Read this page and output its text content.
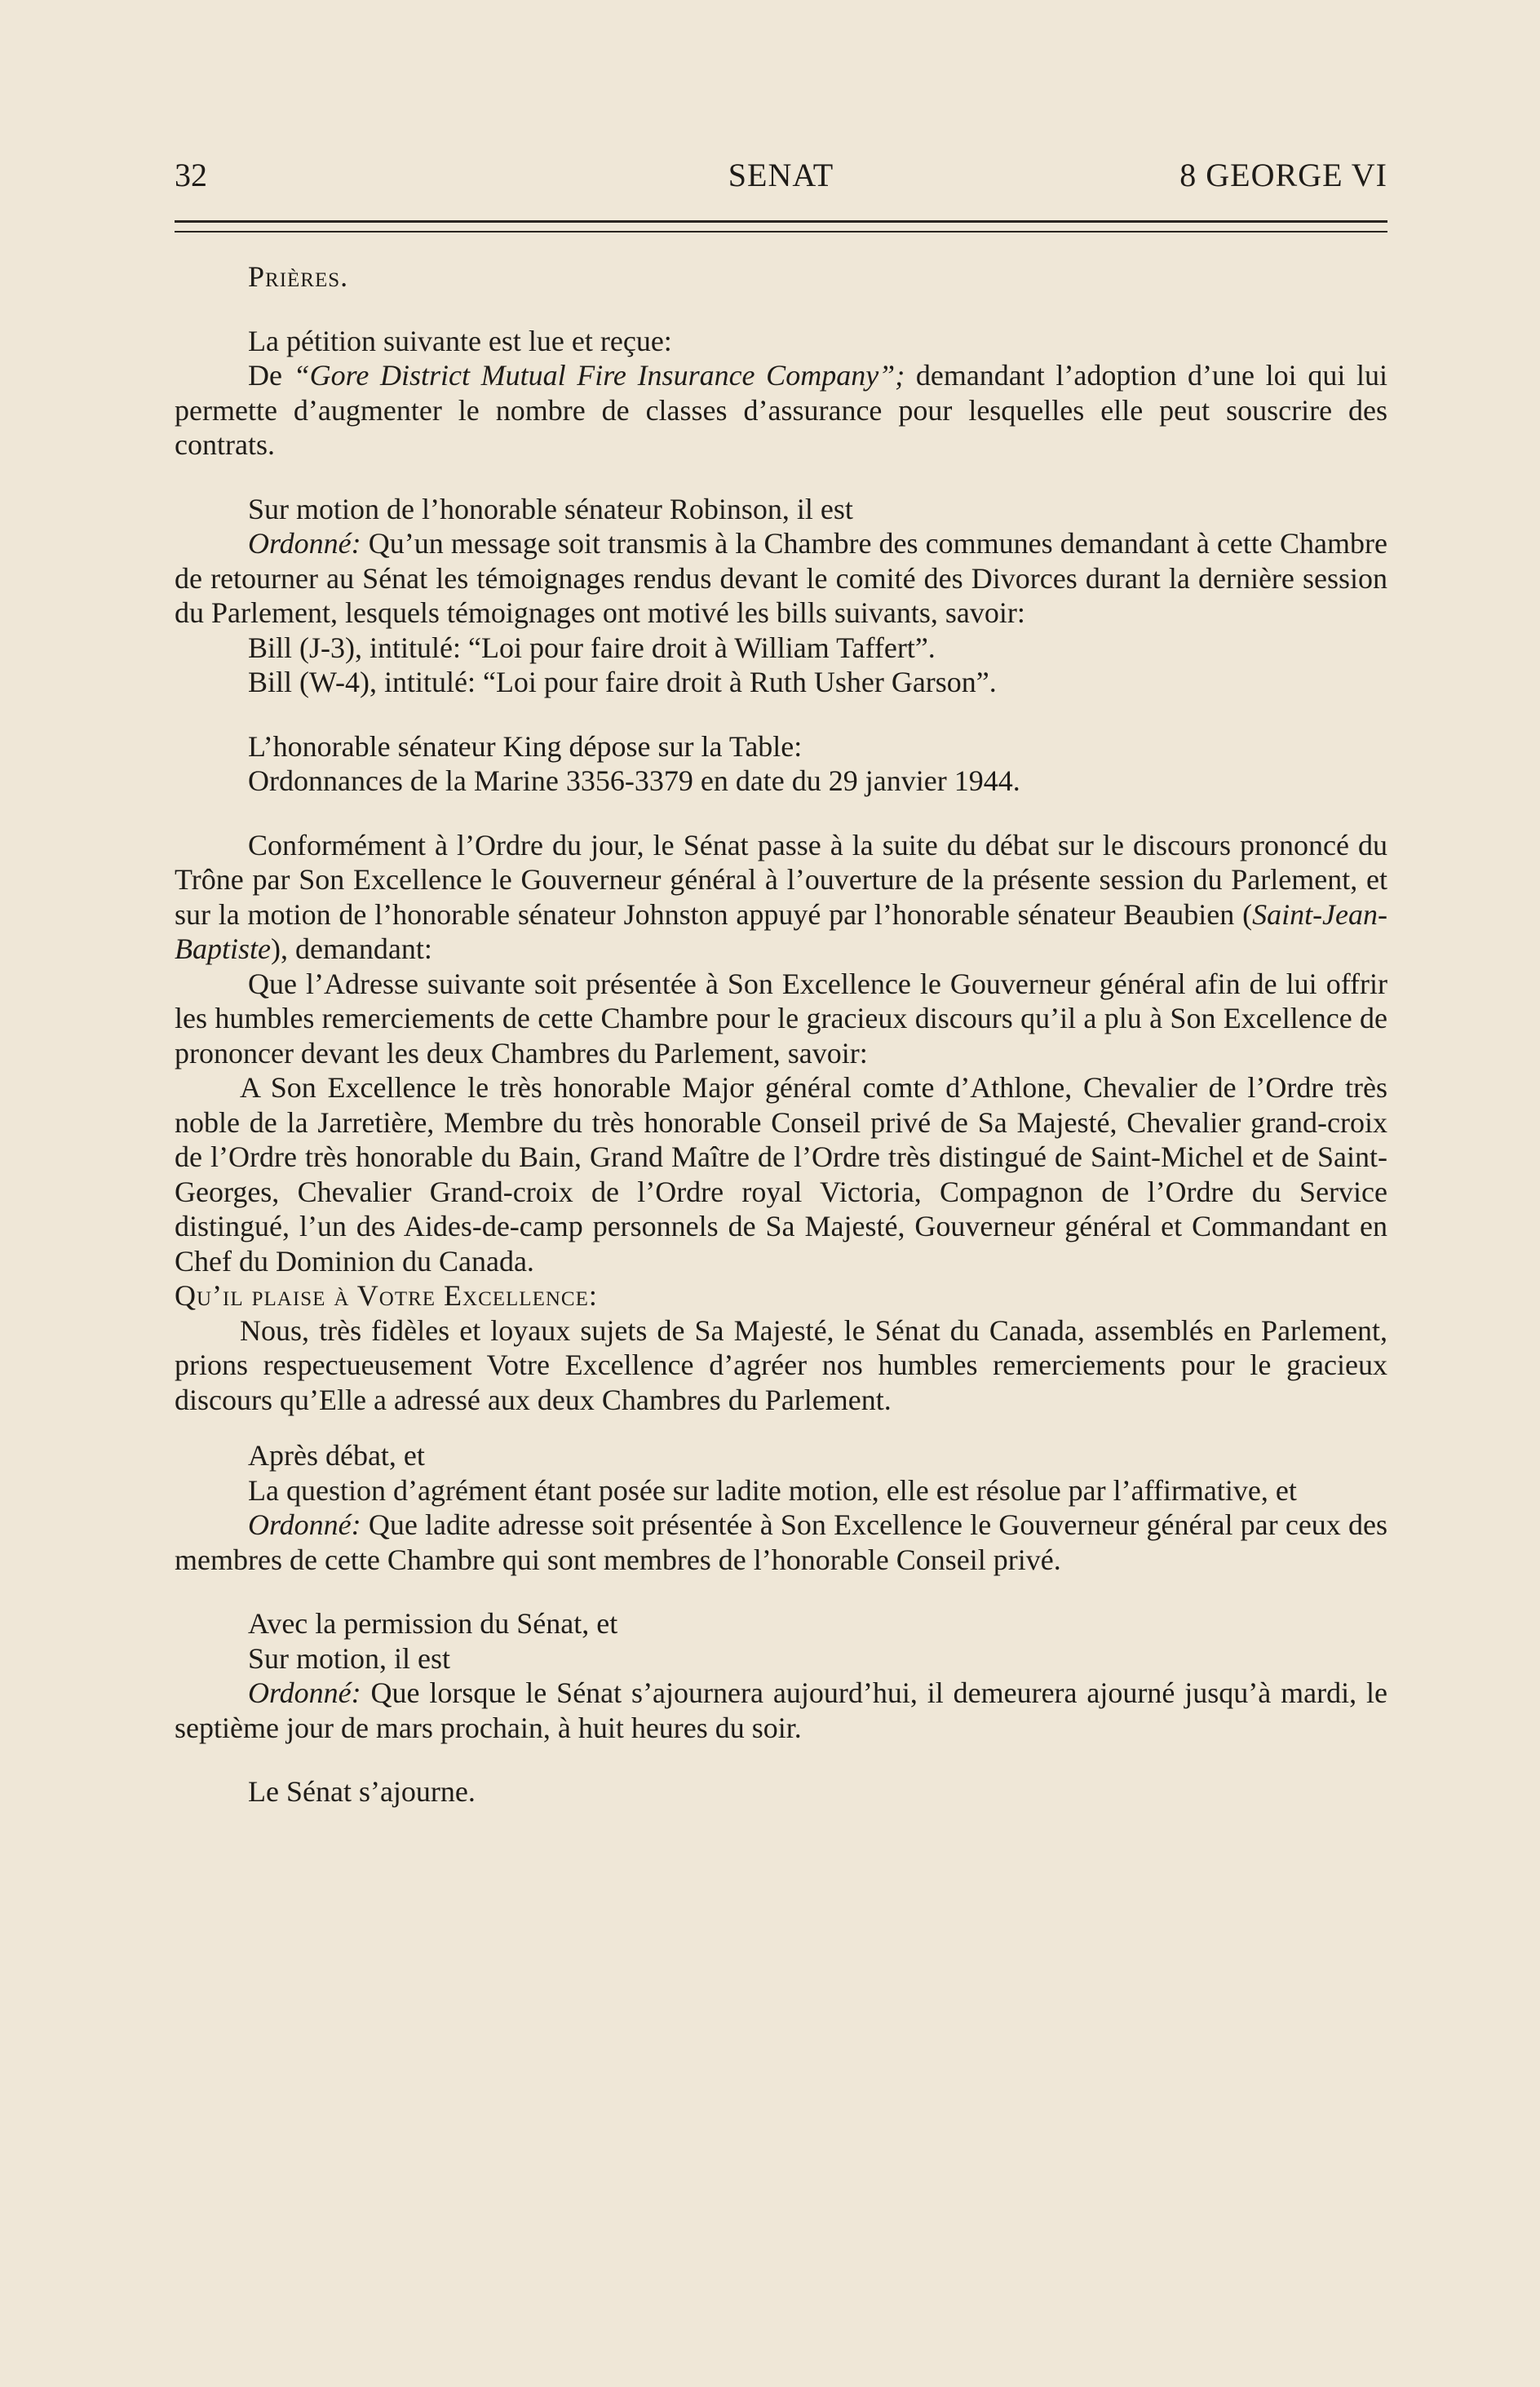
32	SENAT	8 GEORGE VI

Prières.

La pétition suivante est lue et reçue:

De “Gore District Mutual Fire Insurance Company”; demandant l’adoption d’une loi qui lui permette d’augmenter le nombre de classes d’assurance pour lesquelles elle peut souscrire des contrats.

Sur motion de l’honorable sénateur Robinson, il est

Ordonné: Qu’un message soit transmis à la Chambre des communes demandant à cette Chambre de retourner au Sénat les témoignages rendus devant le comité des Divorces durant la dernière session du Parlement, lesquels témoignages ont motivé les bills suivants, savoir:

Bill (J-3), intitulé: “Loi pour faire droit à William Taffert”.

Bill (W-4), intitulé: “Loi pour faire droit à Ruth Usher Garson”.

L’honorable sénateur King dépose sur la Table:

Ordonnances de la Marine 3356-3379 en date du 29 janvier 1944.

Conformément à l’Ordre du jour, le Sénat passe à la suite du débat sur le discours prononcé du Trône par Son Excellence le Gouverneur général à l’ouverture de la présente session du Parlement, et sur la motion de l’honorable sénateur Johnston appuyé par l’honorable sénateur Beaubien (Saint-Jean-Baptiste), demandant:

Que l’Adresse suivante soit présentée à Son Excellence le Gouverneur général afin de lui offrir les humbles remerciements de cette Chambre pour le gracieux discours qu’il a plu à Son Excellence de prononcer devant les deux Chambres du Parlement, savoir:

A Son Excellence le très honorable Major général comte d’Athlone, Chevalier de l’Ordre très noble de la Jarretière, Membre du très honorable Conseil privé de Sa Majesté, Chevalier grand-croix de l’Ordre très honorable du Bain, Grand Maître de l’Ordre très distingué de Saint-Michel et de Saint-Georges, Chevalier Grand-croix de l’Ordre royal Victoria, Compagnon de l’Ordre du Service distingué, l’un des Aides-de-camp personnels de Sa Majesté, Gouverneur général et Commandant en Chef du Dominion du Canada.

Qu’il plaise à Votre Excellence:

Nous, très fidèles et loyaux sujets de Sa Majesté, le Sénat du Canada, assemblés en Parlement, prions respectueusement Votre Excellence d’agréer nos humbles remerciements pour le gracieux discours qu’Elle a adressé aux deux Chambres du Parlement.

Après débat, et

La question d’agrément étant posée sur ladite motion, elle est résolue par l’affirmative, et

Ordonné: Que ladite adresse soit présentée à Son Excellence le Gouverneur général par ceux des membres de cette Chambre qui sont membres de l’honorable Conseil privé.

Avec la permission du Sénat, et

Sur motion, il est

Ordonné: Que lorsque le Sénat s’ajournera aujourd’hui, il demeurera ajourné jusqu’à mardi, le septième jour de mars prochain, à huit heures du soir.

Le Sénat s’ajourne.
